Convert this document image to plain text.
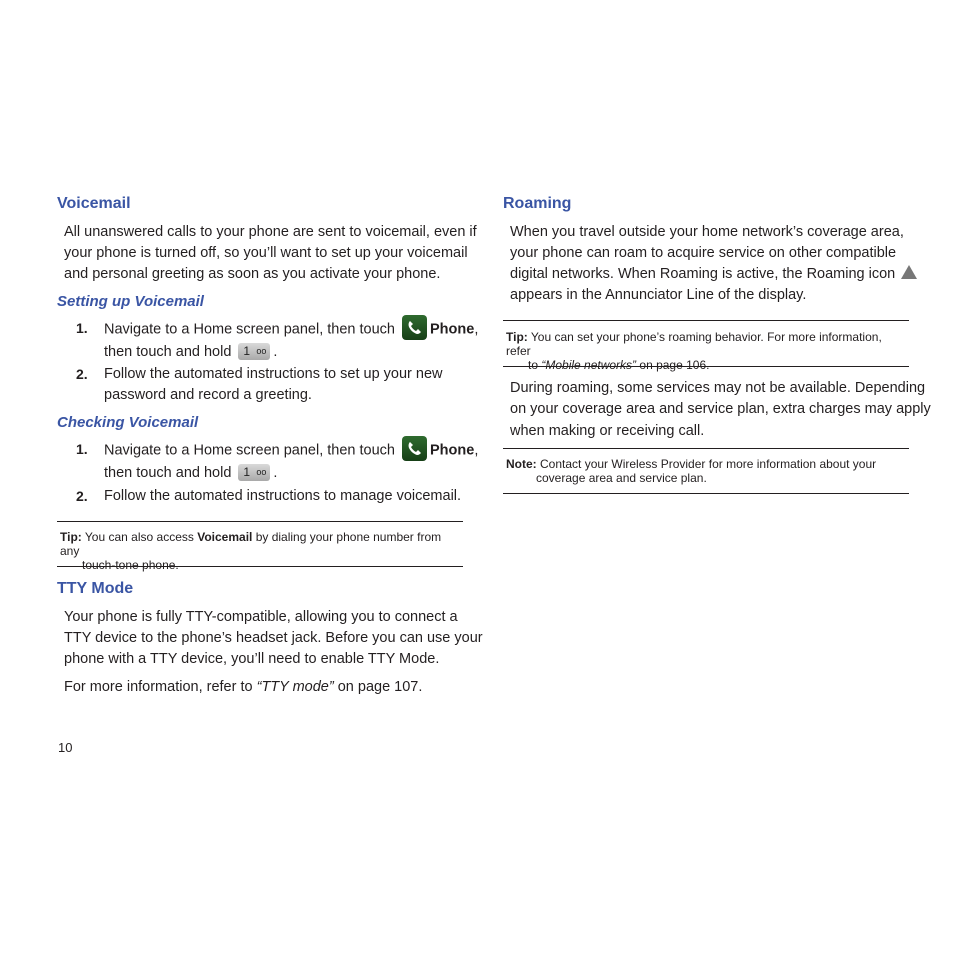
Voicemail
All unanswered calls to your phone are sent to voicemail, even if
your phone is turned off, so you’ll want to set up your voicemail
and personal greeting as soon as you activate your phone.
Setting up Voicemail
1. Navigate to a Home screen panel, then touch Phone,
then touch and hold 1 oo .
2. Follow the automated instructions to set up your new
password and record a greeting.
Checking Voicemail
1. Navigate to a Home screen panel, then touch Phone,
then touch and hold 1 oo .
2. Follow the automated instructions to manage voicemail.
Tip: You can also access Voicemail by dialing your phone number from any
touch-tone phone.
TTY Mode
Your phone is fully TTY-compatible, allowing you to connect a
TTY device to the phone’s headset jack. Before you can use your
phone with a TTY device, you’ll need to enable TTY Mode.
For more information, refer to “TTY mode” on page 107.
10
Roaming
When you travel outside your home network’s coverage area,
your phone can roam to acquire service on other compatible
digital networks. When Roaming is active, the Roaming icon
appears in the Annunciator Line of the display.
Tip: You can set your phone’s roaming behavior. For more information, refer
to “Mobile networks” on page 106.
During roaming, some services may not be available. Depending
on your coverage area and service plan, extra charges may apply
when making or receiving call.
Note: Contact your Wireless Provider for more information about your
coverage area and service plan.
